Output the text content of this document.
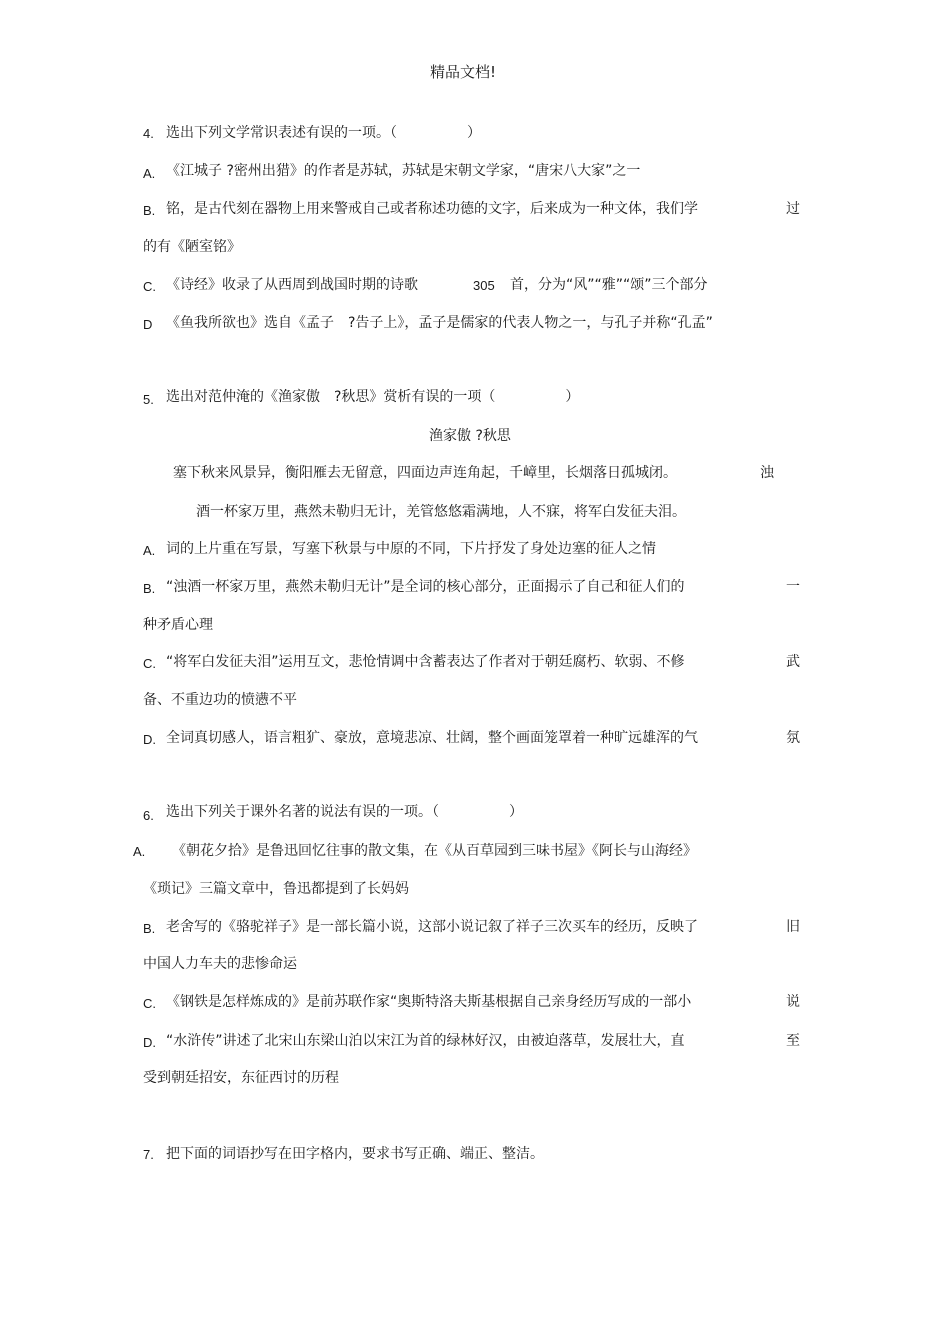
精品文档!
4. 选出下列文学常识表述有误的一项。（　　　　　）
A. 《江城子 ?密州出猎》的作者是苏轼，苏轼是宋朝文学家，“唐宋八大家”之一
B. 铭，是古代刻在器物上用来警戒自己或者称述功德的文字，后来成为一种文体，我们学	过
的有《陋室铭》
C. 《诗经》收录了从西周到战国时期的诗歌	305 首，分为“风”“雅”“颂”三个部分
D 《鱼我所欲也》选自《孟子　?告子上》，孟子是儒家的代表人物之一，与孔子并称“孔孟”
5. 选出对范仲淹的《渔家傲　?秋思》赏析有误的一项（　　　　　）
渔家傲 ?秋思
塞下秋来风景异，衡阳雁去无留意，四面边声连角起，千嶂里，长烟落日孤城闭。	浊
酒一杯家万里，燕然未勒归无计，羌管悠悠霜满地，人不寐，将军白发征夫泪。
A. 词的上片重在写景，写塞下秋景与中原的不同，下片抒发了身处边塞的征人之情
B. “浊酒一杯家万里，燕然未勒归无计”是全词的核心部分，正面揭示了自己和征人们的	一
种矛盾心理
C. “将军白发征夫泪”运用互文，悲怆情调中含蓄表达了作者对于朝廷腐朽、软弱、不修	武
备、不重边功的愤懑不平
D. 全词真切感人，语言粗犷、豪放，意境悲凉、壮阔，整个画面笼罩着一种旷远雄浑的气	氛
6. 选出下列关于课外名著的说法有误的一项。（　　　　　）
A. 《朝花夕拾》是鲁迅回忆往事的散文集，在《从百草园到三味书屋》《阿长与山海经》
《琐记》三篇文章中，鲁迅都提到了长妈妈
B. 老舍写的《骆驼祥子》是一部长篇小说，这部小说记叙了祥子三次买车的经历，反映了	旧
中国人力车夫的悲惨命运
C. 《钢铁是怎样炼成的》是前苏联作家“奥斯特洛夫斯基根据自己亲身经历写成的一部小	说
D. “水浒传”讲述了北宋山东梁山泊以宋江为首的绿林好汉，由被迫落草，发展壮大，直	至
受到朝廷招安，东征西讨的历程
7. 把下面的词语抄写在田字格内，要求书写正确、端正、整洁。
